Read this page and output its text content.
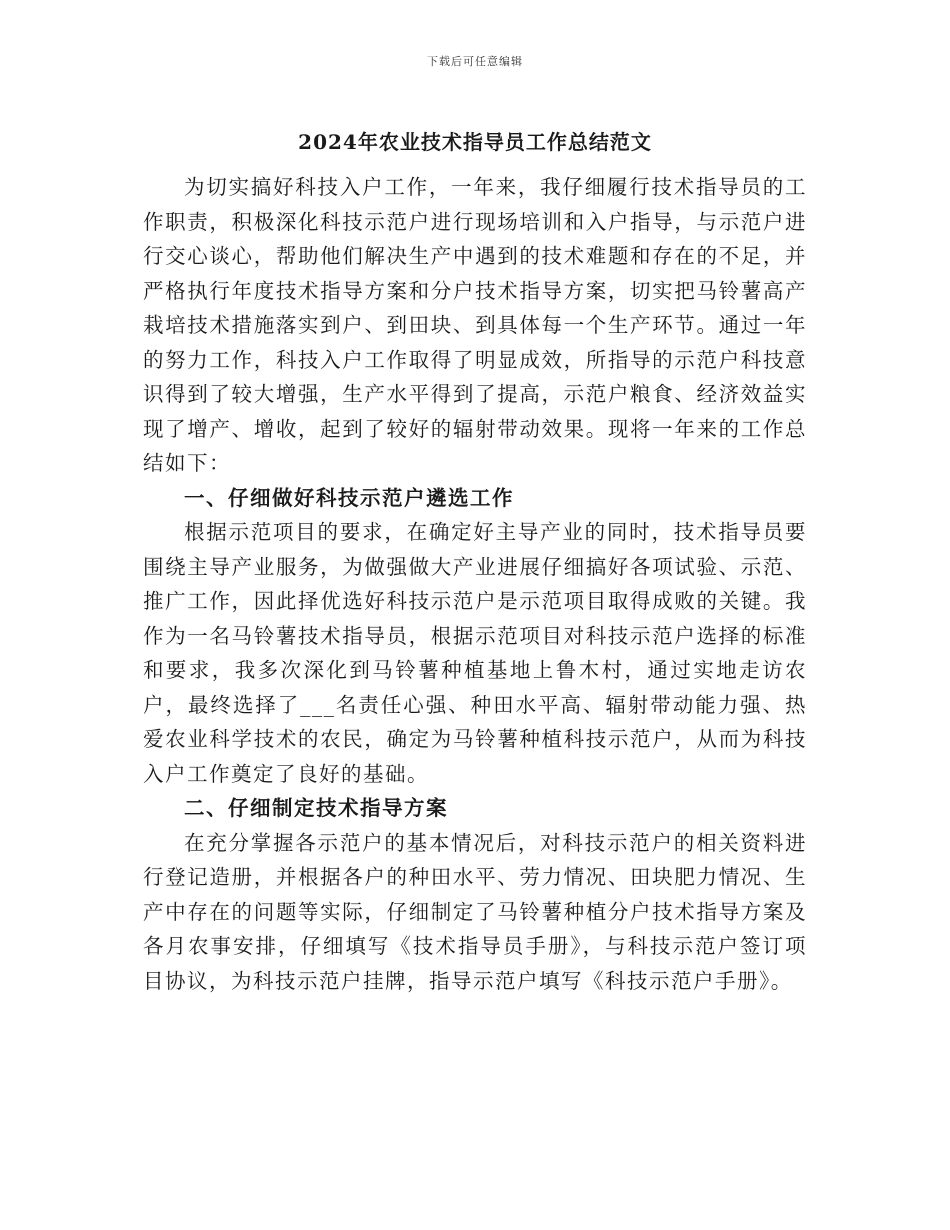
下载后可任意编辑
2024年农业技术指导员工作总结范文

为切实搞好科技入户工作，一年来，我仔细履行技术指导员的工作职责，积极深化科技示范户进行现场培训和入户指导，与示范户进行交心谈心，帮助他们解决生产中遇到的技术难题和存在的不足，并严格执行年度技术指导方案和分户技术指导方案，切实把马铃薯高产栽培技术措施落实到户、到田块、到具体每一个生产环节。通过一年的努力工作，科技入户工作取得了明显成效，所指导的示范户科技意识得到了较大增强，生产水平得到了提高，示范户粮食、经济效益实现了增产、增收，起到了较好的辐射带动效果。现将一年来的工作总结如下：

一、仔细做好科技示范户遴选工作

根据示范项目的要求，在确定好主导产业的同时，技术指导员要围绕主导产业服务，为做强做大产业进展仔细搞好各项试验、示范、推广工作，因此择优选好科技示范户是示范项目取得成败的关键。我作为一名马铃薯技术指导员，根据示范项目对科技示范户选择的标准和要求，我多次深化到马铃薯种植基地上鲁木村，通过实地走访农户，最终选择了___名责任心强、种田水平高、辐射带动能力强、热爱农业科学技术的农民，确定为马铃薯种植科技示范户，从而为科技入户工作奠定了良好的基础。

二、仔细制定技术指导方案

在充分掌握各示范户的基本情况后，对科技示范户的相关资料进行登记造册，并根据各户的种田水平、劳力情况、田块肥力情况、生产中存在的问题等实际，仔细制定了马铃薯种植分户技术指导方案及各月农事安排，仔细填写《技术指导员手册》，与科技示范户签订项目协议，为科技示范户挂牌，指导示范户填写《科技示范户手册》。
